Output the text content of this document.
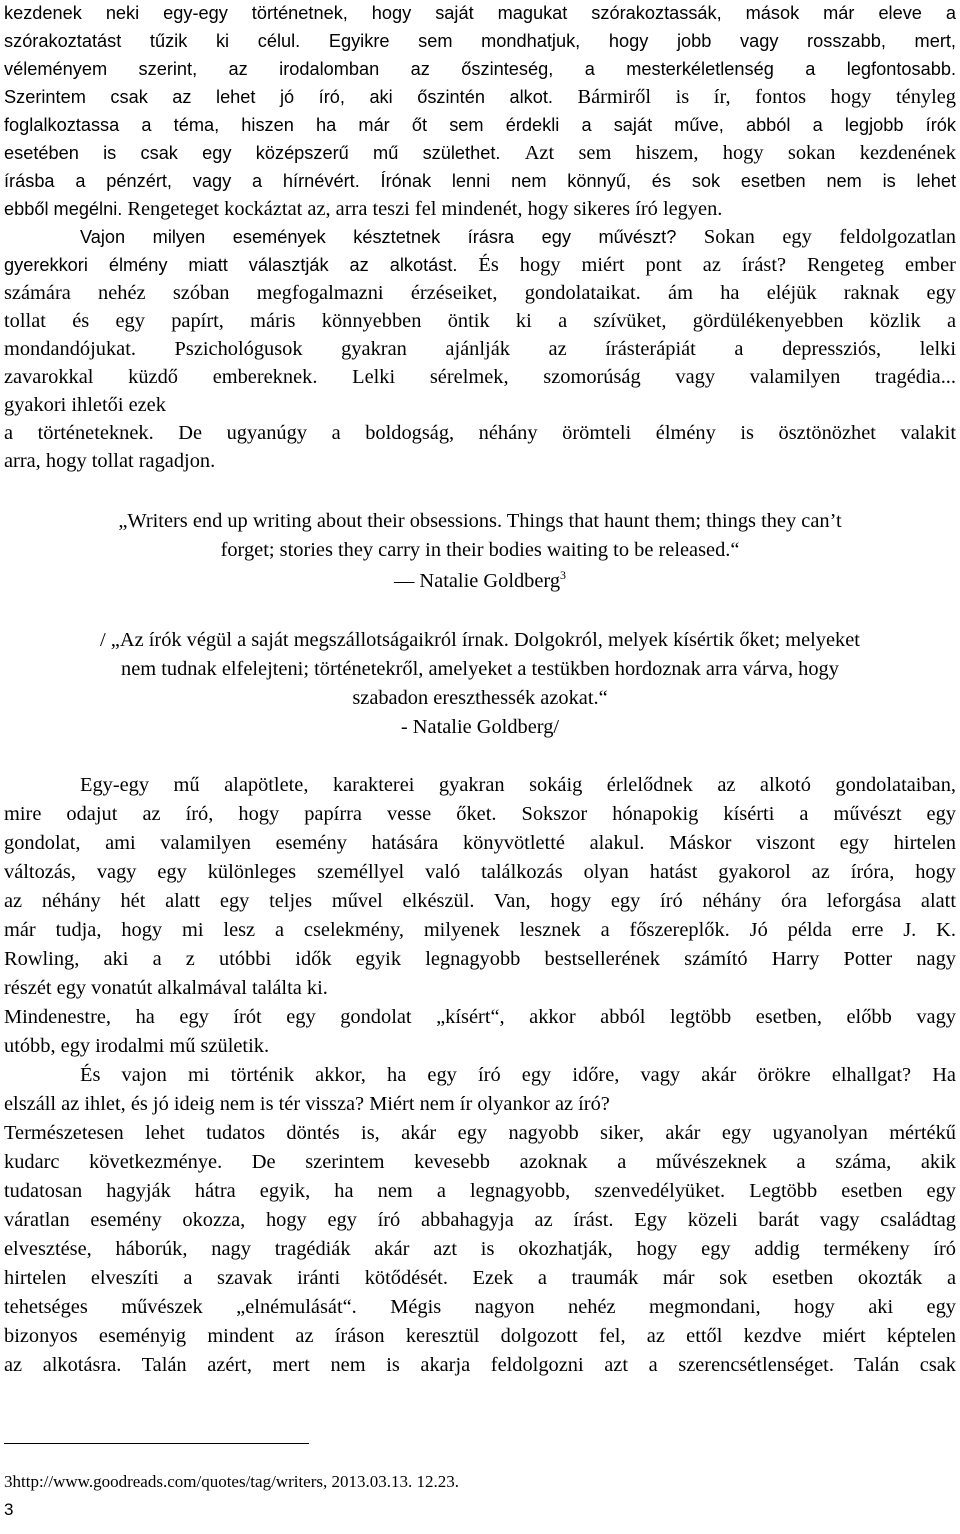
kezdenek neki egy-egy történetnek, hogy saját magukat szórakoztassák, mások már eleve a
szórakoztatást tűzik ki célul. Egyikre sem mondhatjuk, hogy jobb vagy rosszabb, mert,
véleményem szerint, az irodalomban az őszinteség, a mesterkéletlenség a legfontosabb.
Szerintem csak az lehet jó író, aki őszintén alkot. Bármiről is ír, fontos hogy tényleg
foglalkoztassa a téma, hiszen ha már őt sem érdekli a saját műve, abból a legjobb írók
esetében is csak egy középszerű mű születhet. Azt sem hiszem, hogy sokan kezdenének
írásba a pénzért, vagy a hírnévért. Írónak lenni nem könnyű, és sok esetben nem is lehet
ebből megélni. Rengeteget kockáztat az, arra teszi fel mindenét, hogy sikeres író legyen.
Vajon milyen események késztetnek írásra egy művészt? Sokan egy feldolgozatlan
gyerekkori élmény miatt választják az alkotást. És hogy miért pont az írást? Rengeteg ember
számára nehéz szóban megfogalmazni érzéseiket, gondolataikat. ám ha eléjük raknak egy
tollat és egy papírt, máris könnyebben öntik ki a szívüket, gördülékenyebben közlik a
mondandójukat. Pszichológusok gyakran ajánlják az írásterápiát a depressziós, lelki
zavarokkal küzdő embereknek. Lelki sérelmek, szomorúság vagy valamilyen tragédia...
gyakori ihletői ezek
a történeteknek. De ugyanúgy a boldogság, néhány örömteli élmény is ösztönözhet valakit
arra, hogy tollat ragadjon.
„Writers end up writing about their obsessions. Things that haunt them; things they can’t
forget; stories they carry in their bodies waiting to be released.“
― Natalie Goldberg$^3$
/ „Az írók végül a saját megszállotságaikról írnak. Dolgokról, melyek kísértik őket; melyeket
nem tudnak elfelejteni; történetekről, amelyeket a testükben hordoznak arra várva, hogy
szabadon ereszthessék azokat.“
- Natalie Goldberg/
Egy-egy mű alapötlete, karakterei gyakran sokáig érlelődnek az alkotó gondolataiban,
mire odajut az író, hogy papírra vesse őket. Sokszor hónapokig kísérti a művészt egy
gondolat, ami valamilyen esemény hatására könyvötletté alakul. Máskor viszont egy hirtelen
változás, vagy egy különleges személlyel való találkozás olyan hatást gyakorol az íróra, hogy
az néhány hét alatt egy teljes művel elkészül. Van, hogy egy író néhány óra leforgása alatt
már tudja, hogy mi lesz a cselekmény, milyenek lesznek a főszereplők. Jó példa erre J. K.
Rowling, aki a z utóbbi idők egyik legnagyobb bestsellerének számító Harry Potter nagy
részét egy vonatút alkalmával találta ki.
Mindenestre, ha egy írót egy gondolat „kísért“, akkor abból legtöbb esetben, előbb vagy
utóbb, egy irodalmi mű születik.
És vajon mi történik akkor, ha egy író egy időre, vagy akár örökre elhallgat? Ha
elszáll az ihlet, és jó ideig nem is tér vissza? Miért nem ír olyankor az író?
Természetesen lehet tudatos döntés is, akár egy nagyobb siker, akár egy ugyanolyan mértékű
kudarc következménye. De szerintem kevesebb azoknak a művészeknek a száma, akik
tudatosan hagyják hátra egyik, ha nem a legnagyobb, szenvedélyüket. Legtöbb esetben egy
váratlan esemény okozza, hogy egy író abbahagyja az írást. Egy közeli barát vagy családtag
elvesztése, háborúk, nagy tragédiák akár azt is okozhatják, hogy egy addig termékeny író
hirtelen elveszíti a szavak iránti kötődését. Ezek a traumák már sok esetben okozták a
tehetséges művészek „elnémulását“. Mégis nagyon nehéz megmondani, hogy aki egy
bizonyos eseményig mindent az íráson keresztül dolgozott fel, az ettől kezdve miért képtelen
az alkotásra. Talán azért, mert nem is akarja feldolgozni azt a szerencsétlenséget. Talán csak
3http://www.goodreads.com/quotes/tag/writers, 2013.03.13. 12.23.
3
